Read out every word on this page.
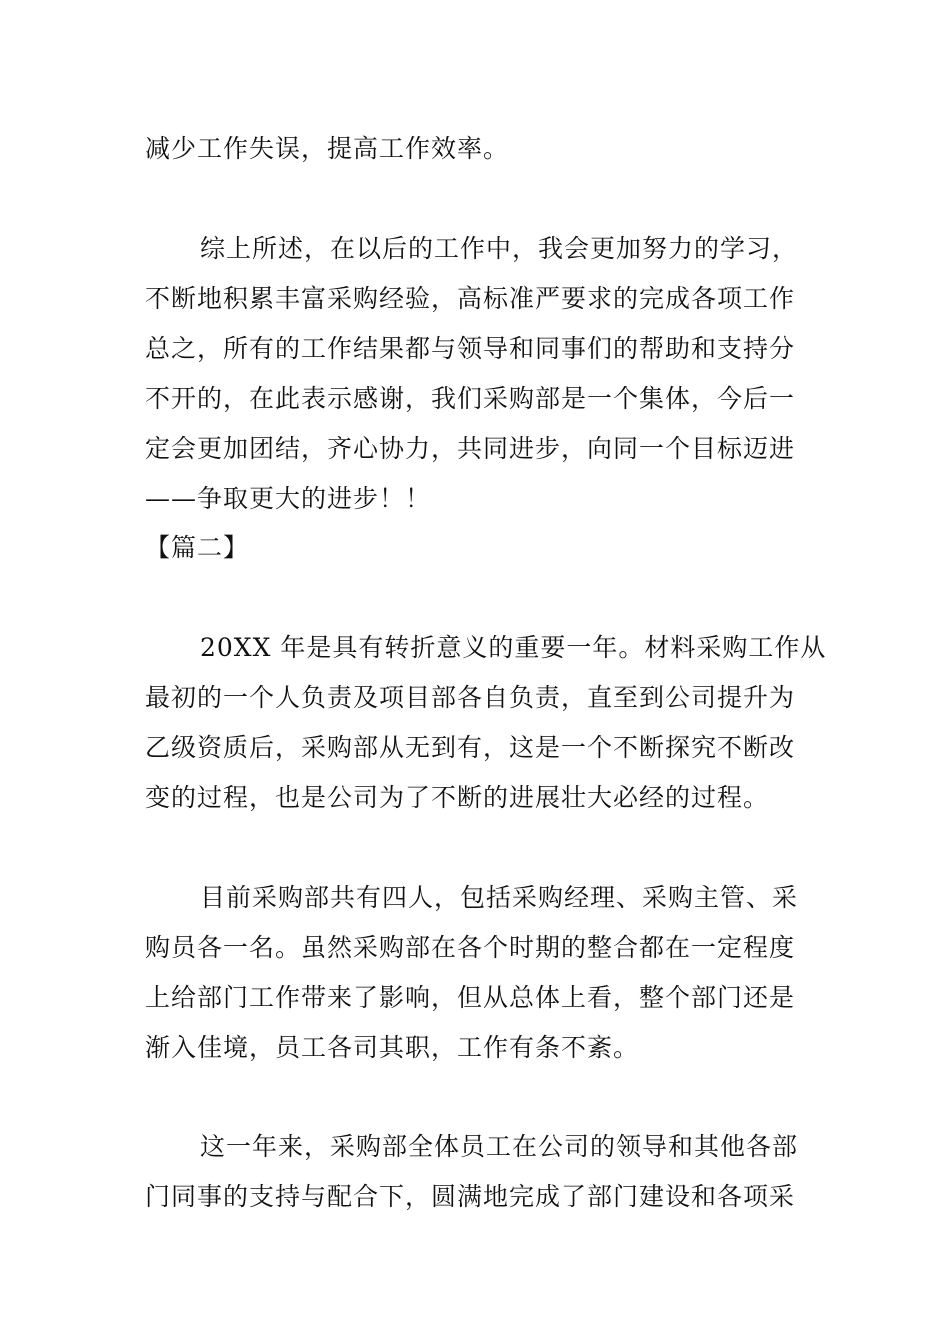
减少工作失误，提高工作效率。
综上所述，在以后的工作中，我会更加努力的学习，
不断地积累丰富采购经验，高标准严要求的完成各项工作
总之，所有的工作结果都与领导和同事们的帮助和支持分
不开的，在此表示感谢，我们采购部是一个集体，今后一
定会更加团结，齐心协力，共同进步，向同一个目标迈进
——争取更大的进步！！
【篇二】
20XX 年是具有转折意义的重要一年。材料采购工作从
最初的一个人负责及项目部各自负责，直至到公司提升为
乙级资质后，采购部从无到有，这是一个不断探究不断改
变的过程，也是公司为了不断的进展壮大必经的过程。
目前采购部共有四人，包括采购经理、采购主管、采
购员各一名。虽然采购部在各个时期的整合都在一定程度
上给部门工作带来了影响，但从总体上看，整个部门还是
渐入佳境，员工各司其职，工作有条不紊。
这一年来，采购部全体员工在公司的领导和其他各部
门同事的支持与配合下，圆满地完成了部门建设和各项采
